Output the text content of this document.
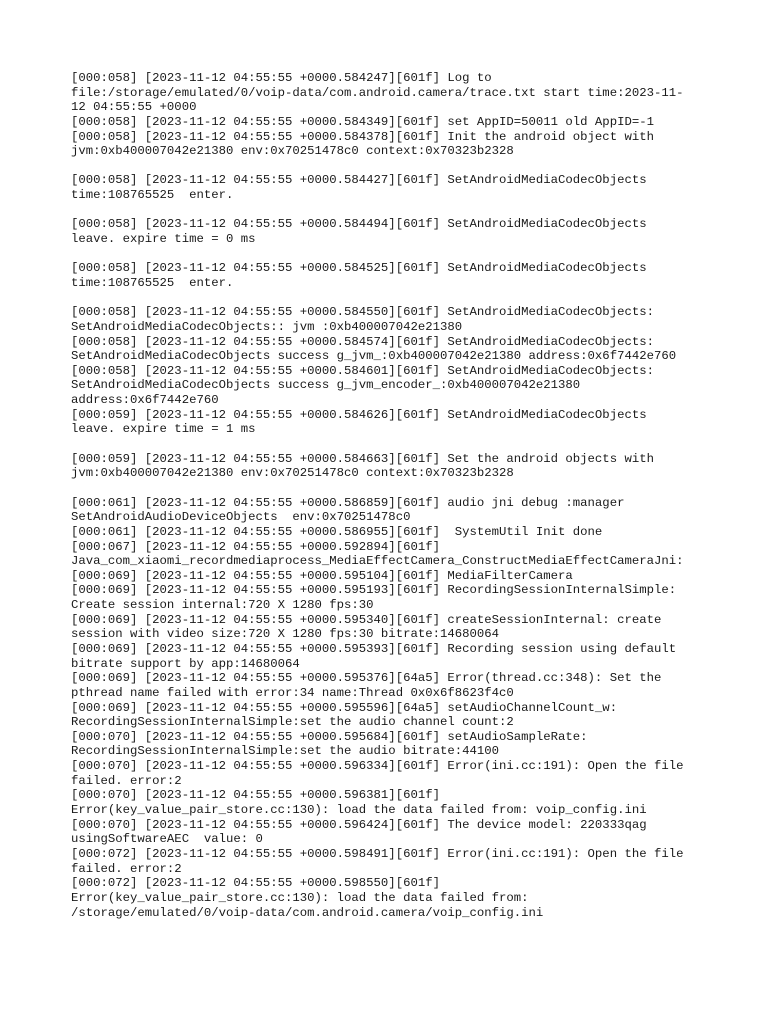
[000:058] [2023-11-12 04:55:55 +0000.584247][601f] Log to
file:/storage/emulated/0/voip-data/com.android.camera/trace.txt start time:2023-11-
12 04:55:55 +0000
[000:058] [2023-11-12 04:55:55 +0000.584349][601f] set AppID=50011 old AppID=-1
[000:058] [2023-11-12 04:55:55 +0000.584378][601f] Init the android object with
jvm:0xb400007042e21380 env:0x70251478c0 context:0x70323b2328
[000:058] [2023-11-12 04:55:55 +0000.584427][601f] SetAndroidMediaCodecObjects
time:108765525  enter.
[000:058] [2023-11-12 04:55:55 +0000.584494][601f] SetAndroidMediaCodecObjects
leave. expire time = 0 ms
[000:058] [2023-11-12 04:55:55 +0000.584525][601f] SetAndroidMediaCodecObjects
time:108765525  enter.
[000:058] [2023-11-12 04:55:55 +0000.584550][601f] SetAndroidMediaCodecObjects:
SetAndroidMediaCodecObjects:: jvm :0xb400007042e21380
[000:058] [2023-11-12 04:55:55 +0000.584574][601f] SetAndroidMediaCodecObjects:
SetAndroidMediaCodecObjects success g_jvm_:0xb400007042e21380 address:0x6f7442e760
[000:058] [2023-11-12 04:55:55 +0000.584601][601f] SetAndroidMediaCodecObjects:
SetAndroidMediaCodecObjects success g_jvm_encoder_:0xb400007042e21380
address:0x6f7442e760
[000:059] [2023-11-12 04:55:55 +0000.584626][601f] SetAndroidMediaCodecObjects
leave. expire time = 1 ms
[000:059] [2023-11-12 04:55:55 +0000.584663][601f] Set the android objects with
jvm:0xb400007042e21380 env:0x70251478c0 context:0x70323b2328
[000:061] [2023-11-12 04:55:55 +0000.586859][601f] audio jni debug :manager
SetAndroidAudioDeviceObjects  env:0x70251478c0
[000:061] [2023-11-12 04:55:55 +0000.586955][601f]  SystemUtil Init done
[000:067] [2023-11-12 04:55:55 +0000.592894][601f]
Java_com_xiaomi_recordmediaprocess_MediaEffectCamera_ConstructMediaEffectCameraJni:
[000:069] [2023-11-12 04:55:55 +0000.595104][601f] MediaFilterCamera
[000:069] [2023-11-12 04:55:55 +0000.595193][601f] RecordingSessionInternalSimple:
Create session internal:720 X 1280 fps:30
[000:069] [2023-11-12 04:55:55 +0000.595340][601f] createSessionInternal: create
session with video size:720 X 1280 fps:30 bitrate:14680064
[000:069] [2023-11-12 04:55:55 +0000.595393][601f] Recording session using default
bitrate support by app:14680064
[000:069] [2023-11-12 04:55:55 +0000.595376][64a5] Error(thread.cc:348): Set the
pthread name failed with error:34 name:Thread 0x0x6f8623f4c0
[000:069] [2023-11-12 04:55:55 +0000.595596][64a5] setAudioChannelCount_w:
RecordingSessionInternalSimple:set the audio channel count:2
[000:070] [2023-11-12 04:55:55 +0000.595684][601f] setAudioSampleRate:
RecordingSessionInternalSimple:set the audio bitrate:44100
[000:070] [2023-11-12 04:55:55 +0000.596334][601f] Error(ini.cc:191): Open the file
failed. error:2
[000:070] [2023-11-12 04:55:55 +0000.596381][601f]
Error(key_value_pair_store.cc:130): load the data failed from: voip_config.ini
[000:070] [2023-11-12 04:55:55 +0000.596424][601f] The device model: 220333qag
usingSoftwareAEC  value: 0
[000:072] [2023-11-12 04:55:55 +0000.598491][601f] Error(ini.cc:191): Open the file
failed. error:2
[000:072] [2023-11-12 04:55:55 +0000.598550][601f]
Error(key_value_pair_store.cc:130): load the data failed from:
/storage/emulated/0/voip-data/com.android.camera/voip_config.ini
